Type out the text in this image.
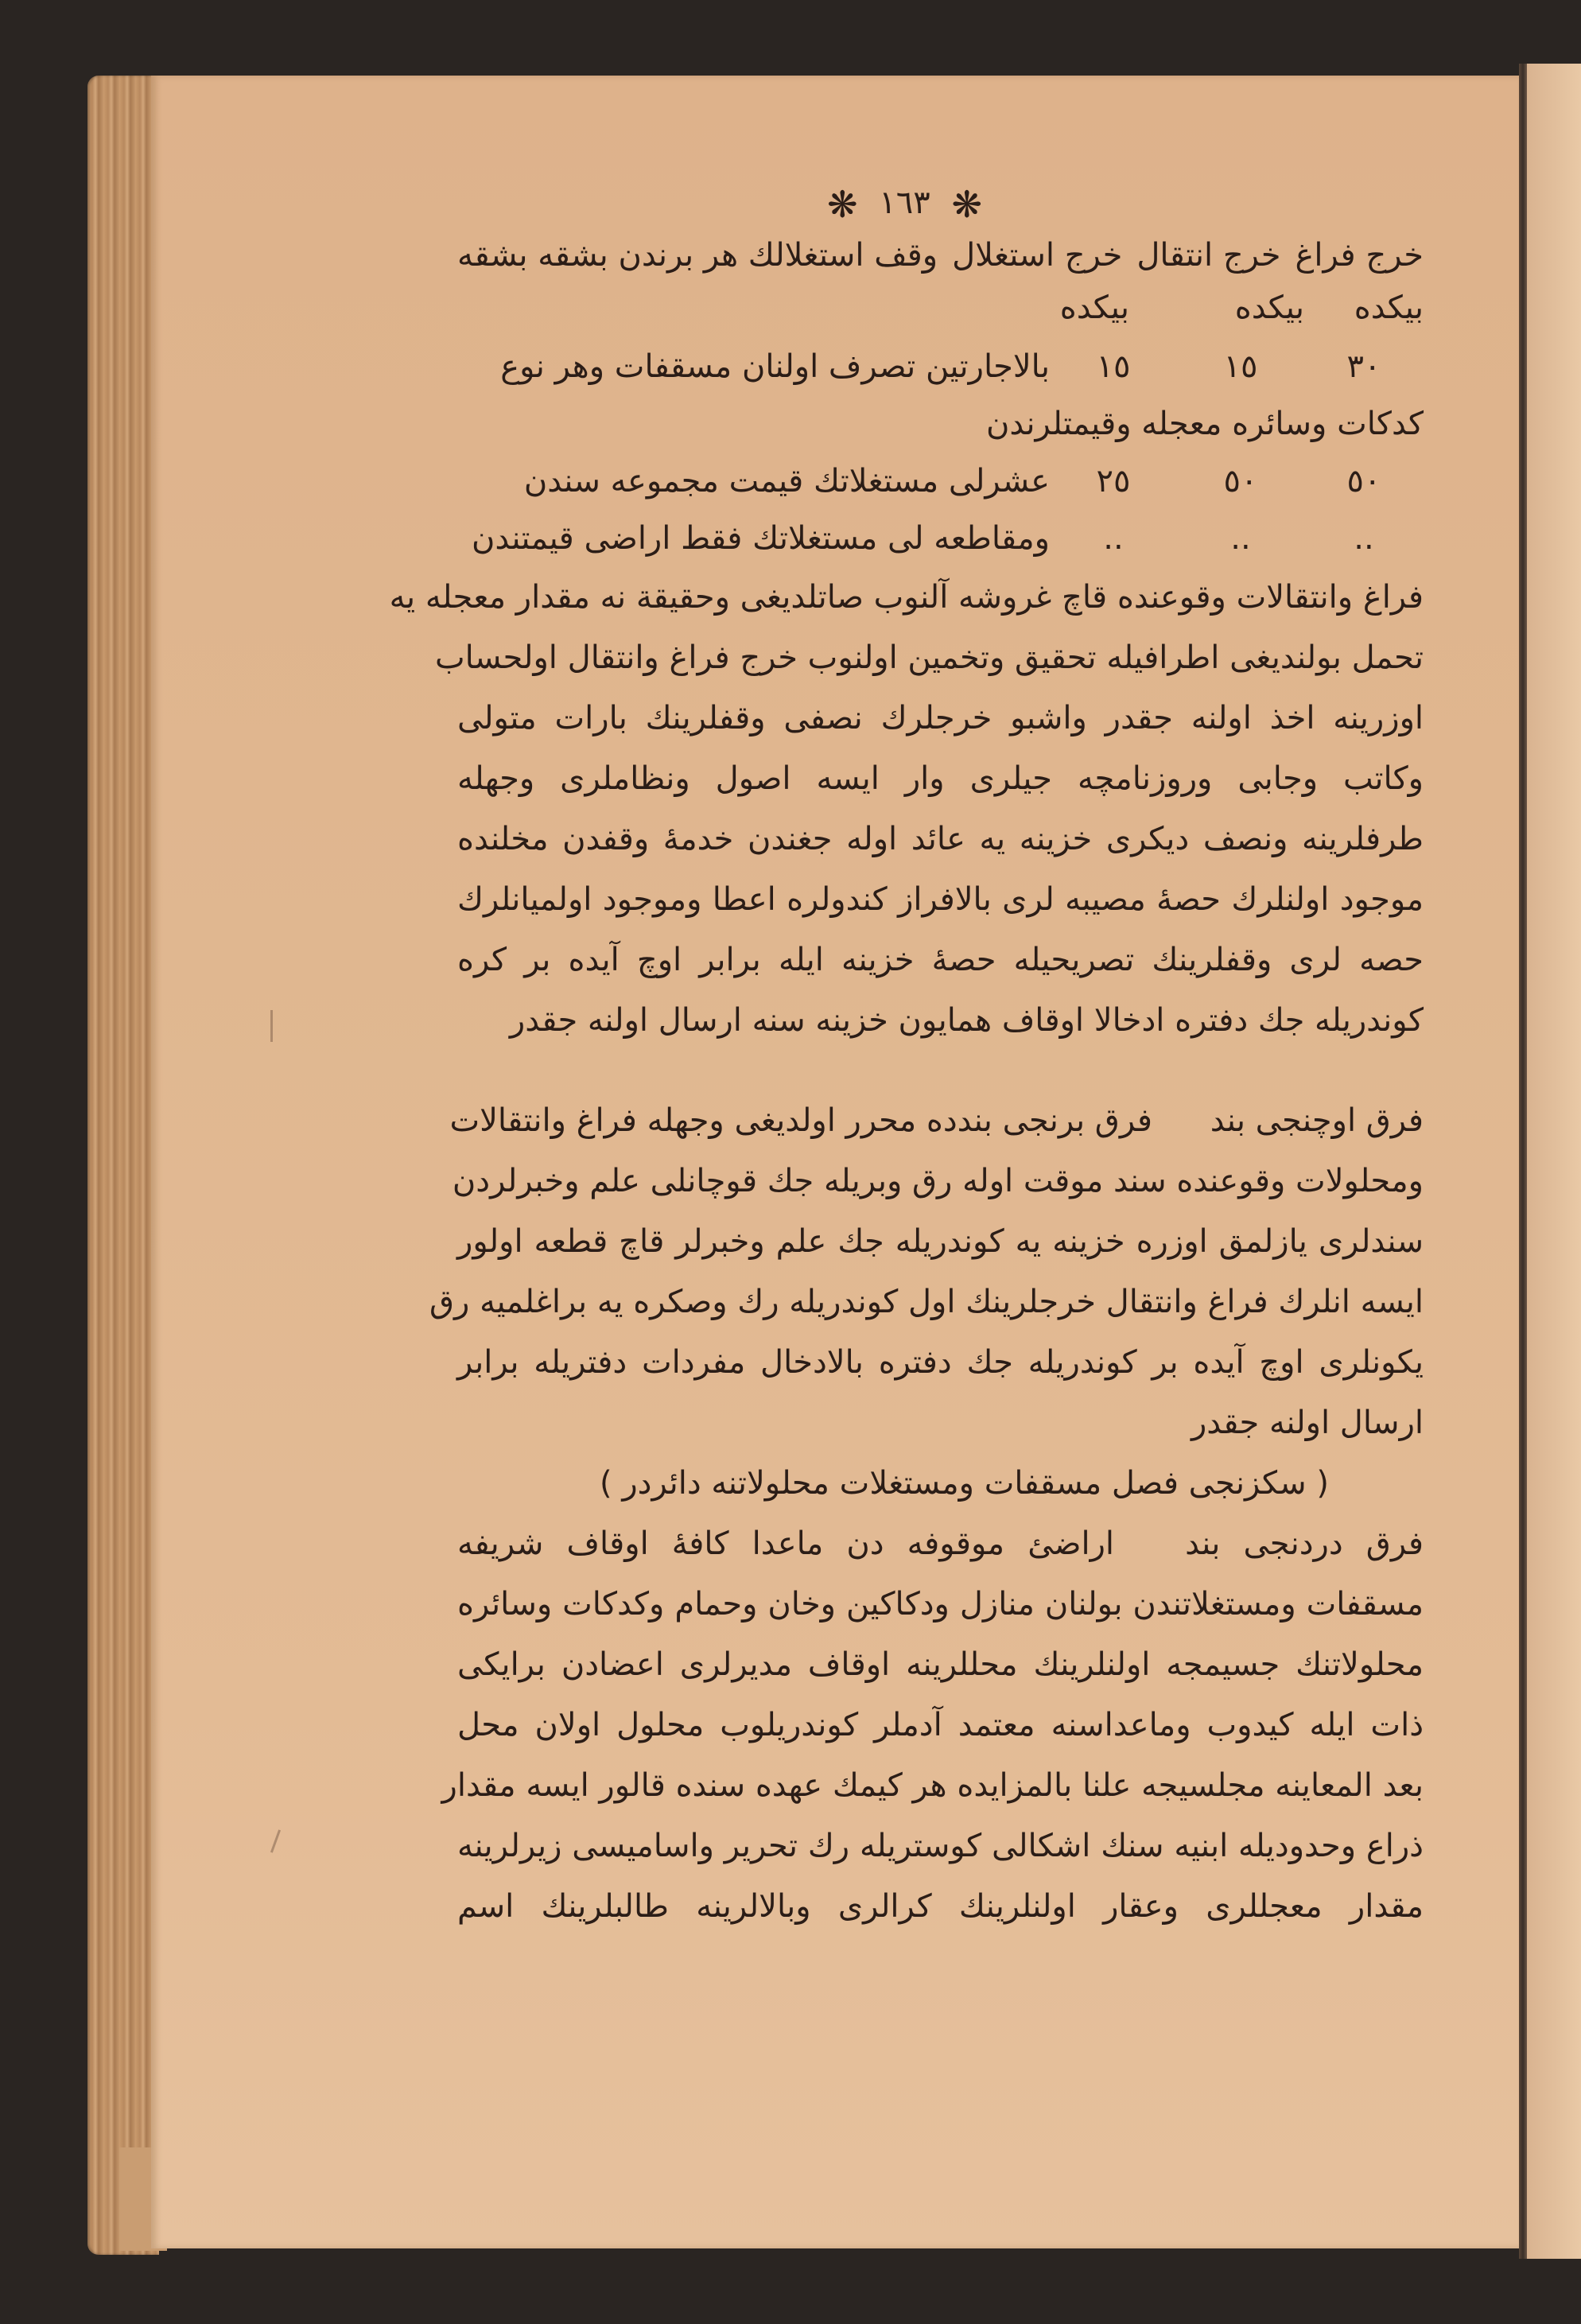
❋ ١٦٣ ❋
خرج فراغ
خرج انتقال
خرج استغلال
وقف استغلالك هر برندن بشقه بشقه
بيكده
بيكده
بيكده
٣٠
١٥
١٥
بالاجارتين تصرف اولنان مسقفات وهر نوع
كدكات وسائره معجله وقيمتلرندن
٥٠
٥٠
٢٥
عشرلى مستغلاتك قيمت مجموعه سندن
..
..
..
ومقاطعه لى مستغلاتك فقط اراضى قيمتندن
فراغ وانتقالات وقوعنده قاچ غروشه آلنوب صاتلديغى وحقيقة نه مقدار معجله يه
تحمل بولنديغى اطرافيله تحقيق وتخمين اولنوب خرج فراغ وانتقال اولحساب
اوزرينه اخذ اولنه جقدر واشبو خرجلرك نصفى وقفلرينك بارات متولى
وكاتب وجابى وروزنامچه جيلرى وار ايسه اصول ونظاملرى وجهله
طرفلرينه ونصف ديكرى خزينه يه عائد اوله جغندن خدمهٔ وقفدن مخلنده
موجود اولنلرك حصهٔ مصيبه لرى بالافراز كندولره اعطا وموجود اولميانلرك
حصه لرى وقفلرينك تصريحيله حصهٔ خزينه ايله برابر اوچ آيده بر كره
كوندريله جك دفتره ادخالا اوقاف همايون خزينه سنه ارسال اولنه جقدر
فرق اوچنجى بند فرق برنجى بندده محرر اولديغى وجهله فراغ وانتقالات
ومحلولات وقوعنده سند موقت اوله رق وبريله جك قوچانلى علم وخبرلردن
سندلرى يازلمق اوزره خزينه يه كوندريله جك علم وخبرلر قاچ قطعه اولور
ايسه انلرك فراغ وانتقال خرجلرينك اول كوندريله رك وصكره يه براغلميه رق
يكونلرى اوچ آيده بر كوندريله جك دفتره بالادخال مفردات دفتريله برابر
ارسال اولنه جقدر
( سكزنجى فصل مسقفات ومستغلات محلولاتنه دائردر )
فرق دردنجى بند اراضئ موقوفه دن ماعدا كافهٔ اوقاف شريفه
مسقفات ومستغلاتندن بولنان منازل ودكاكين وخان وحمام وكدكات وسائره
محلولاتنك جسيمجه اولنلرينك محللرينه اوقاف مديرلرى اعضادن برايكى
ذات ايله كيدوب وماعداسنه معتمد آدملر كوندريلوب محلول اولان محل
بعد المعاينه مجلسيجه علنا بالمزايده هر كيمك عهده سنده قالور ايسه مقدار
ذراع وحدوديله ابنيه سنك اشكالى كوستريله رك تحرير واساميسى زيرلرينه
مقدار معجللرى وعقار اولنلرينك كرالرى وبالالرينه طالبلرينك اسم
